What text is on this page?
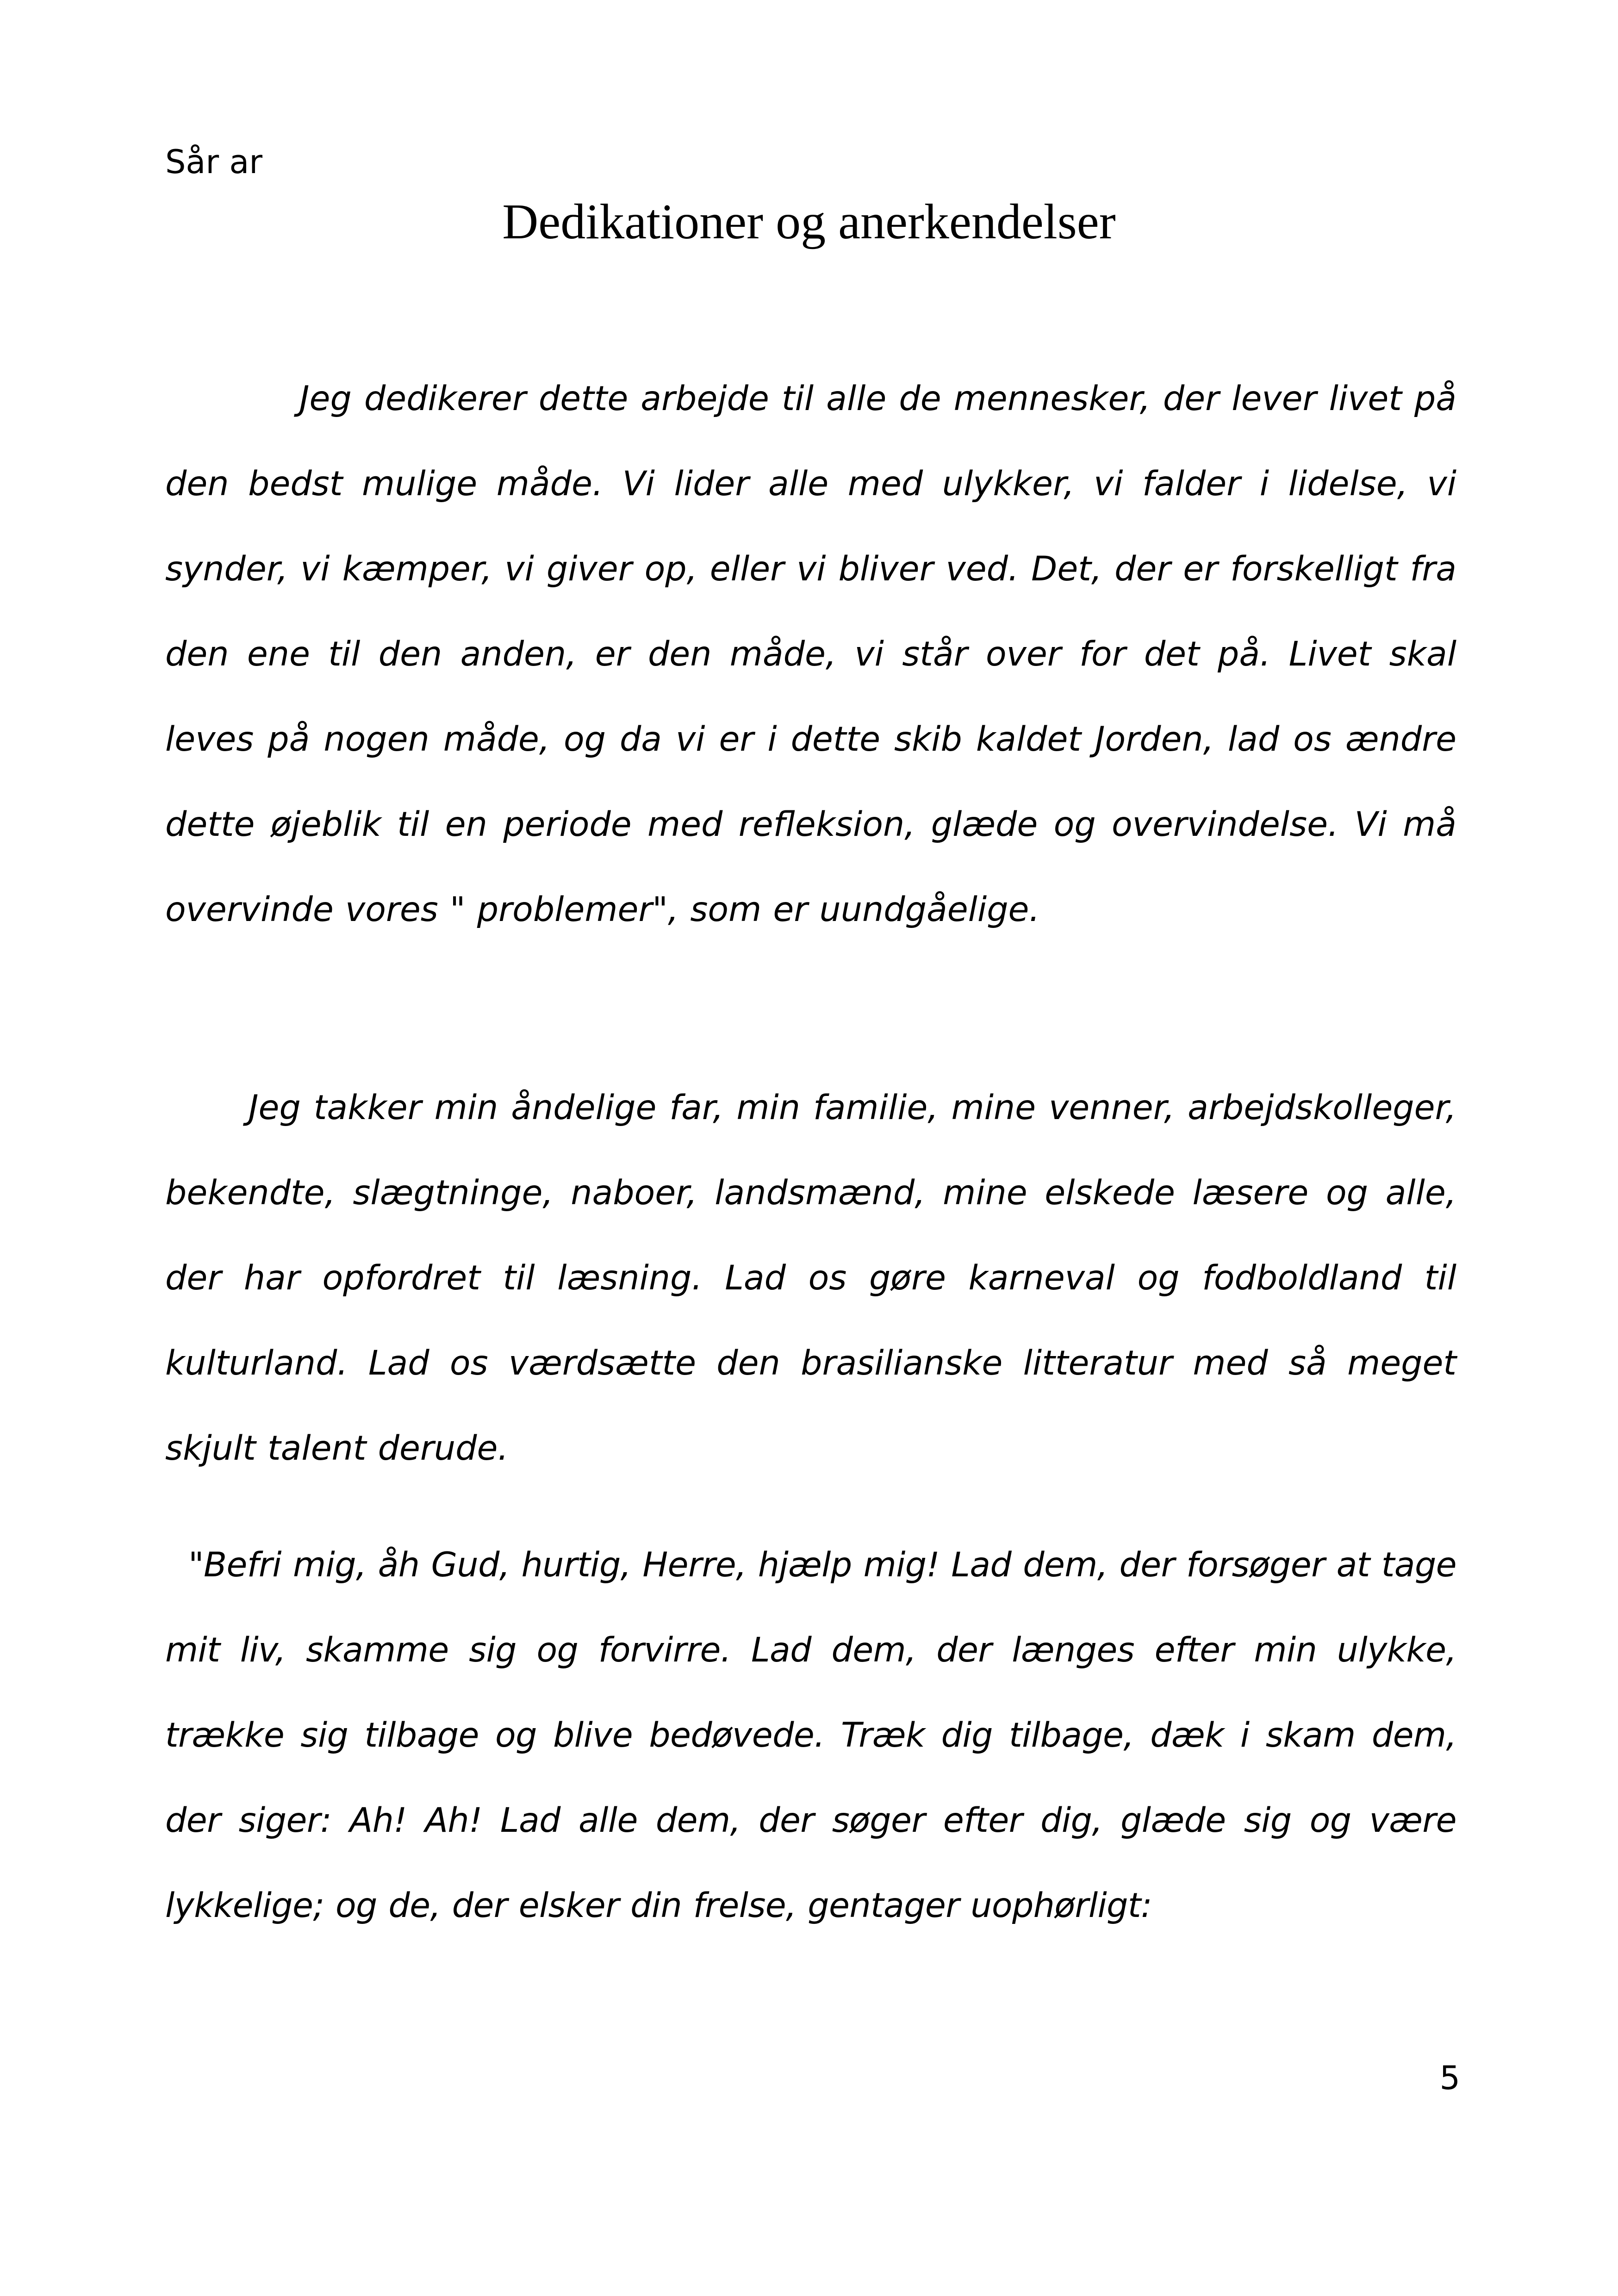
Sår ar
Dedikationer og anerkendelser

Jeg dedikerer dette arbejde til alle de mennesker, der lever livet på den bedst mulige måde. Vi lider alle med ulykker, vi falder i lidelse, vi synder, vi kæmper, vi giver op, eller vi bliver ved. Det, der er forskelligt fra den ene til den anden, er den måde, vi står over for det på. Livet skal leves på nogen måde, og da vi er i dette skib kaldet Jorden, lad os ændre dette øjeblik til en periode med refleksion, glæde og overvindelse. Vi må overvinde vores " problemer", som er uundgåelige.

Jeg takker min åndelige far, min familie, mine venner, arbejdskolleger, bekendte, slægtninge, naboer, landsmænd, mine elskede læsere og alle, der har opfordret til læsning. Lad os gøre karneval og fodboldland til kulturland. Lad os værdsætte den brasilianske litteratur med så meget skjult talent derude.

"Befri mig, åh Gud, hurtig, Herre, hjælp mig! Lad dem, der forsøger at tage mit liv, skamme sig og forvirre. Lad dem, der længes efter min ulykke, trække sig tilbage og blive bedøvede. Træk dig tilbage, dæk i skam dem, der siger: Ah! Ah! Lad alle dem, der søger efter dig, glæde sig og være lykkelige; og de, der elsker din frelse, gentager uophørligt:

5
